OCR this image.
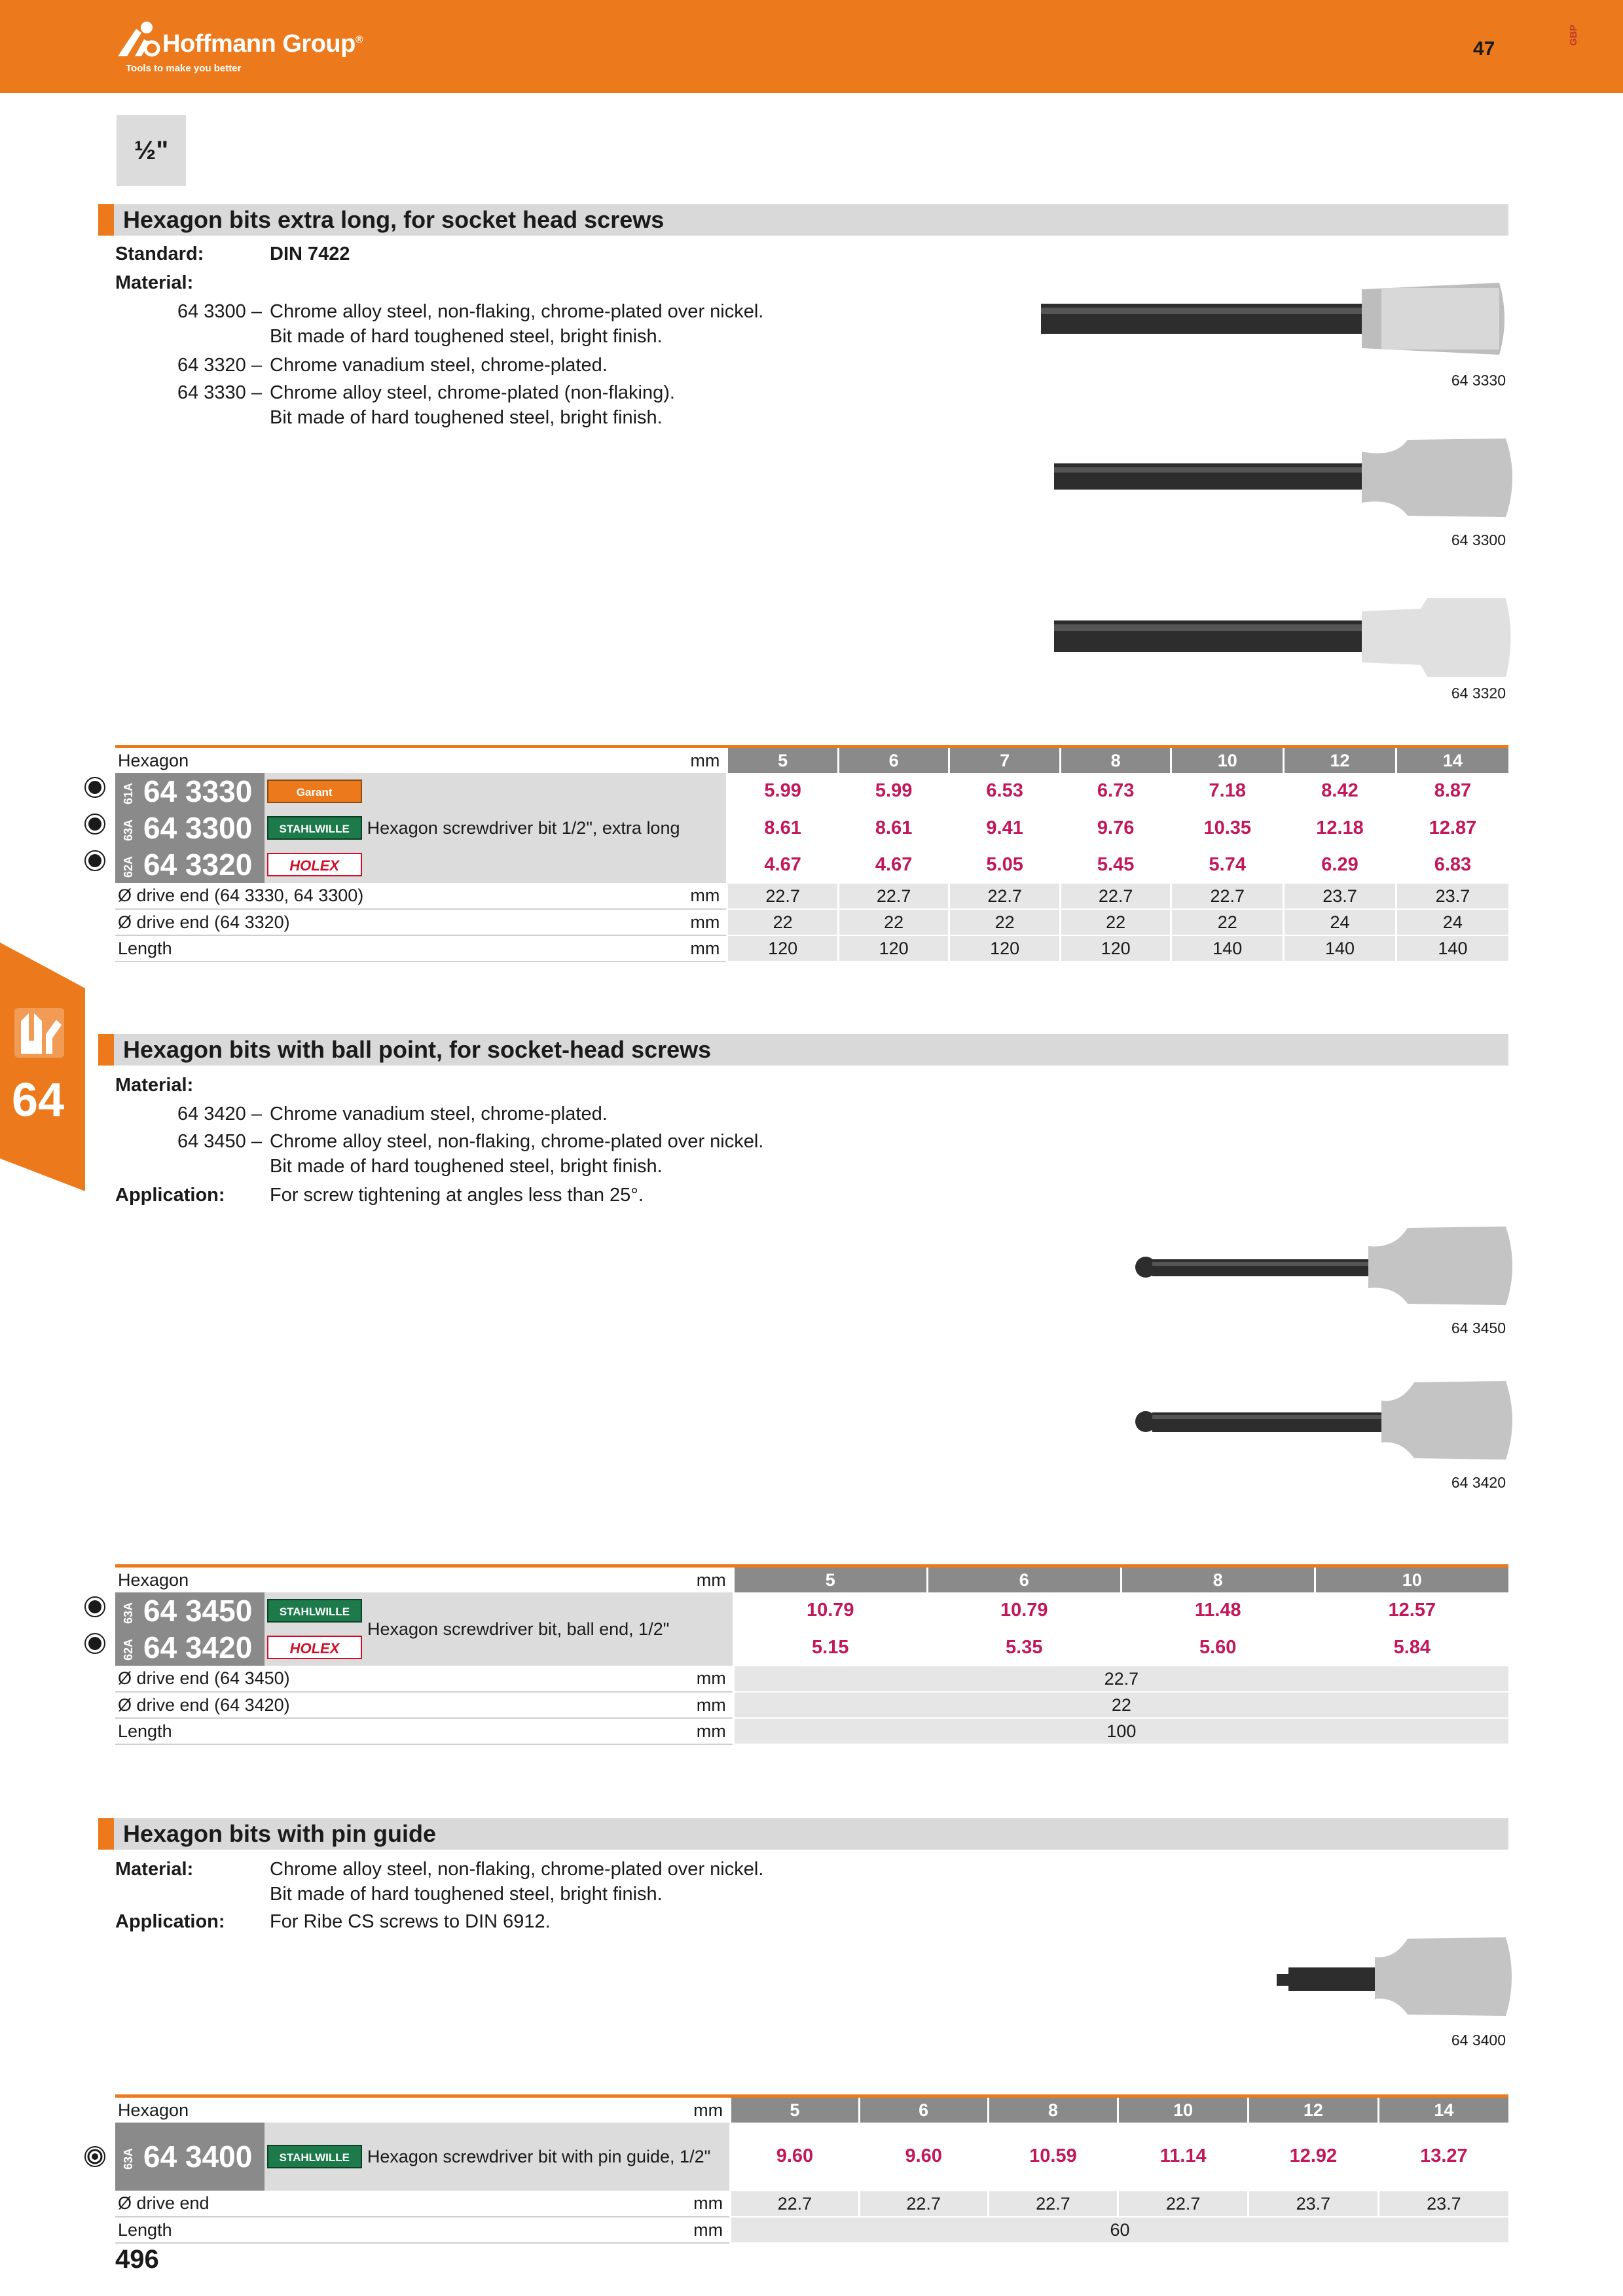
Hoffmann Group®
Tools to make you better
47
GBP
½"
64
Hexagon bits extra long, for socket head screws
Standard:	DIN 7422
Material:
64 3300 – Chrome alloy steel, non-flaking, chrome-plated over nickel.
Bit made of hard toughened steel, bright finish.
64 3320 – Chrome vanadium steel, chrome-plated.
64 3330 – Chrome alloy steel, chrome-plated (non-flaking).
Bit made of hard toughened steel, bright finish.
64 3330
64 3300
64 3320
Hexagon			mm	5	6	7	8	10	12	14
61A 64 3330	Garant	Hexagon screwdriver bit 1/2", extra long		5.99	5.99	6.53	6.73	7.18	8.42	8.87
63A 64 3300	STAHLWILLE			8.61	8.61	9.41	9.76	10.35	12.18	12.87
62A 64 3320	HOLEX			4.67	4.67	5.05	5.45	5.74	6.29	6.83
Ø drive end (64 3330, 64 3300)			mm	22.7	22.7	22.7	22.7	22.7	23.7	23.7
Ø drive end (64 3320)			mm	22	22	22	22	22	24	24
Length			mm	120	120	120	120	140	140	140
Hexagon bits with ball point, for socket-head screws
Material:
64 3420 – Chrome vanadium steel, chrome-plated.
64 3450 – Chrome alloy steel, non-flaking, chrome-plated over nickel.
Bit made of hard toughened steel, bright finish.
Application: For screw tightening at angles less than 25°.
64 3450
64 3420
Hexagon			mm	5	6	8	10
63A 64 3450	STAHLWILLE	Hexagon screwdriver bit, ball end, 1/2"		10.79	10.79	11.48	12.57
62A 64 3420	HOLEX			5.15	5.35	5.60	5.84
Ø drive end (64 3450)			mm	22.7			
Ø drive end (64 3420)			mm	22			
Length			mm	100			
Hexagon bits with pin guide
Material:	Chrome alloy steel, non-flaking, chrome-plated over nickel.
Bit made of hard toughened steel, bright finish.
Application: For Ribe CS screws to DIN 6912.
64 3400
Hexagon			mm	5	6	8	10	12	14
63A 64 3400	STAHLWILLE	Hexagon screwdriver bit with pin guide, 1/2"		9.60	9.60	10.59	11.14	12.92	13.27
Ø drive end			mm	22.7	22.7	22.7	22.7	23.7	23.7
Length			mm	60					
496
